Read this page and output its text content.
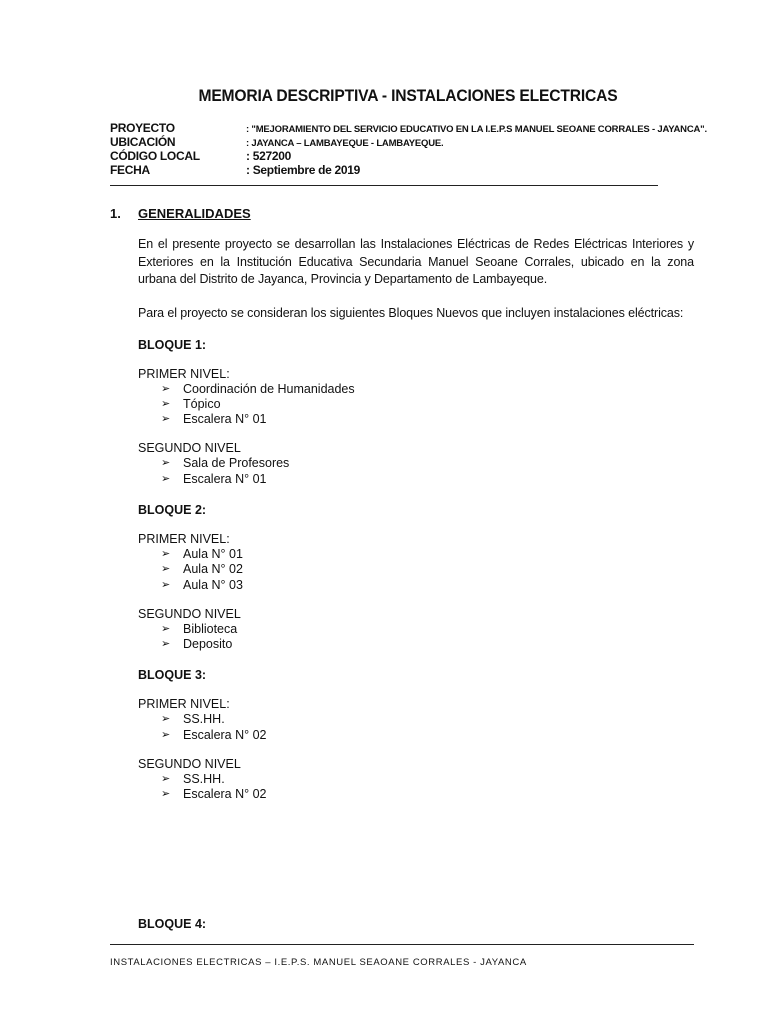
MEMORIA DESCRIPTIVA - INSTALACIONES ELECTRICAS
PROYECTO	: "MEJORAMIENTO DEL SERVICIO EDUCATIVO EN LA I.E.P.S MANUEL SEOANE CORRALES - JAYANCA".
UBICACIÓN	: JAYANCA – LAMBAYEQUE - LAMBAYEQUE.
CÓDIGO LOCAL	: 527200
FECHA	: Septiembre de 2019
1. GENERALIDADES

En el presente proyecto se desarrollan las Instalaciones Eléctricas de Redes Eléctricas Interiores y Exteriores en la Institución Educativa Secundaria Manuel Seoane Corrales, ubicado en la zona urbana del Distrito de Jayanca, Provincia y Departamento de Lambayeque.

Para el proyecto se consideran los siguientes Bloques Nuevos que incluyen instalaciones eléctricas:

BLOQUE 1:
PRIMER NIVEL:
➢	Coordinación de Humanidades
➢	Tópico
➢	Escalera N° 01
SEGUNDO NIVEL
➢	Sala de Profesores
➢	Escalera N° 01
BLOQUE 2:
PRIMER NIVEL:
➢	Aula N° 01
➢	Aula N° 02
➢	Aula N° 03
SEGUNDO NIVEL
➢	Biblioteca
➢	Deposito
BLOQUE 3:
PRIMER NIVEL:
➢	SS.HH.
➢	Escalera N° 02
SEGUNDO NIVEL
➢	SS.HH.
➢	Escalera N° 02
BLOQUE 4:
INSTALACIONES ELECTRICAS – I.E.P.S. MANUEL SEAOANE CORRALES - JAYANCA
